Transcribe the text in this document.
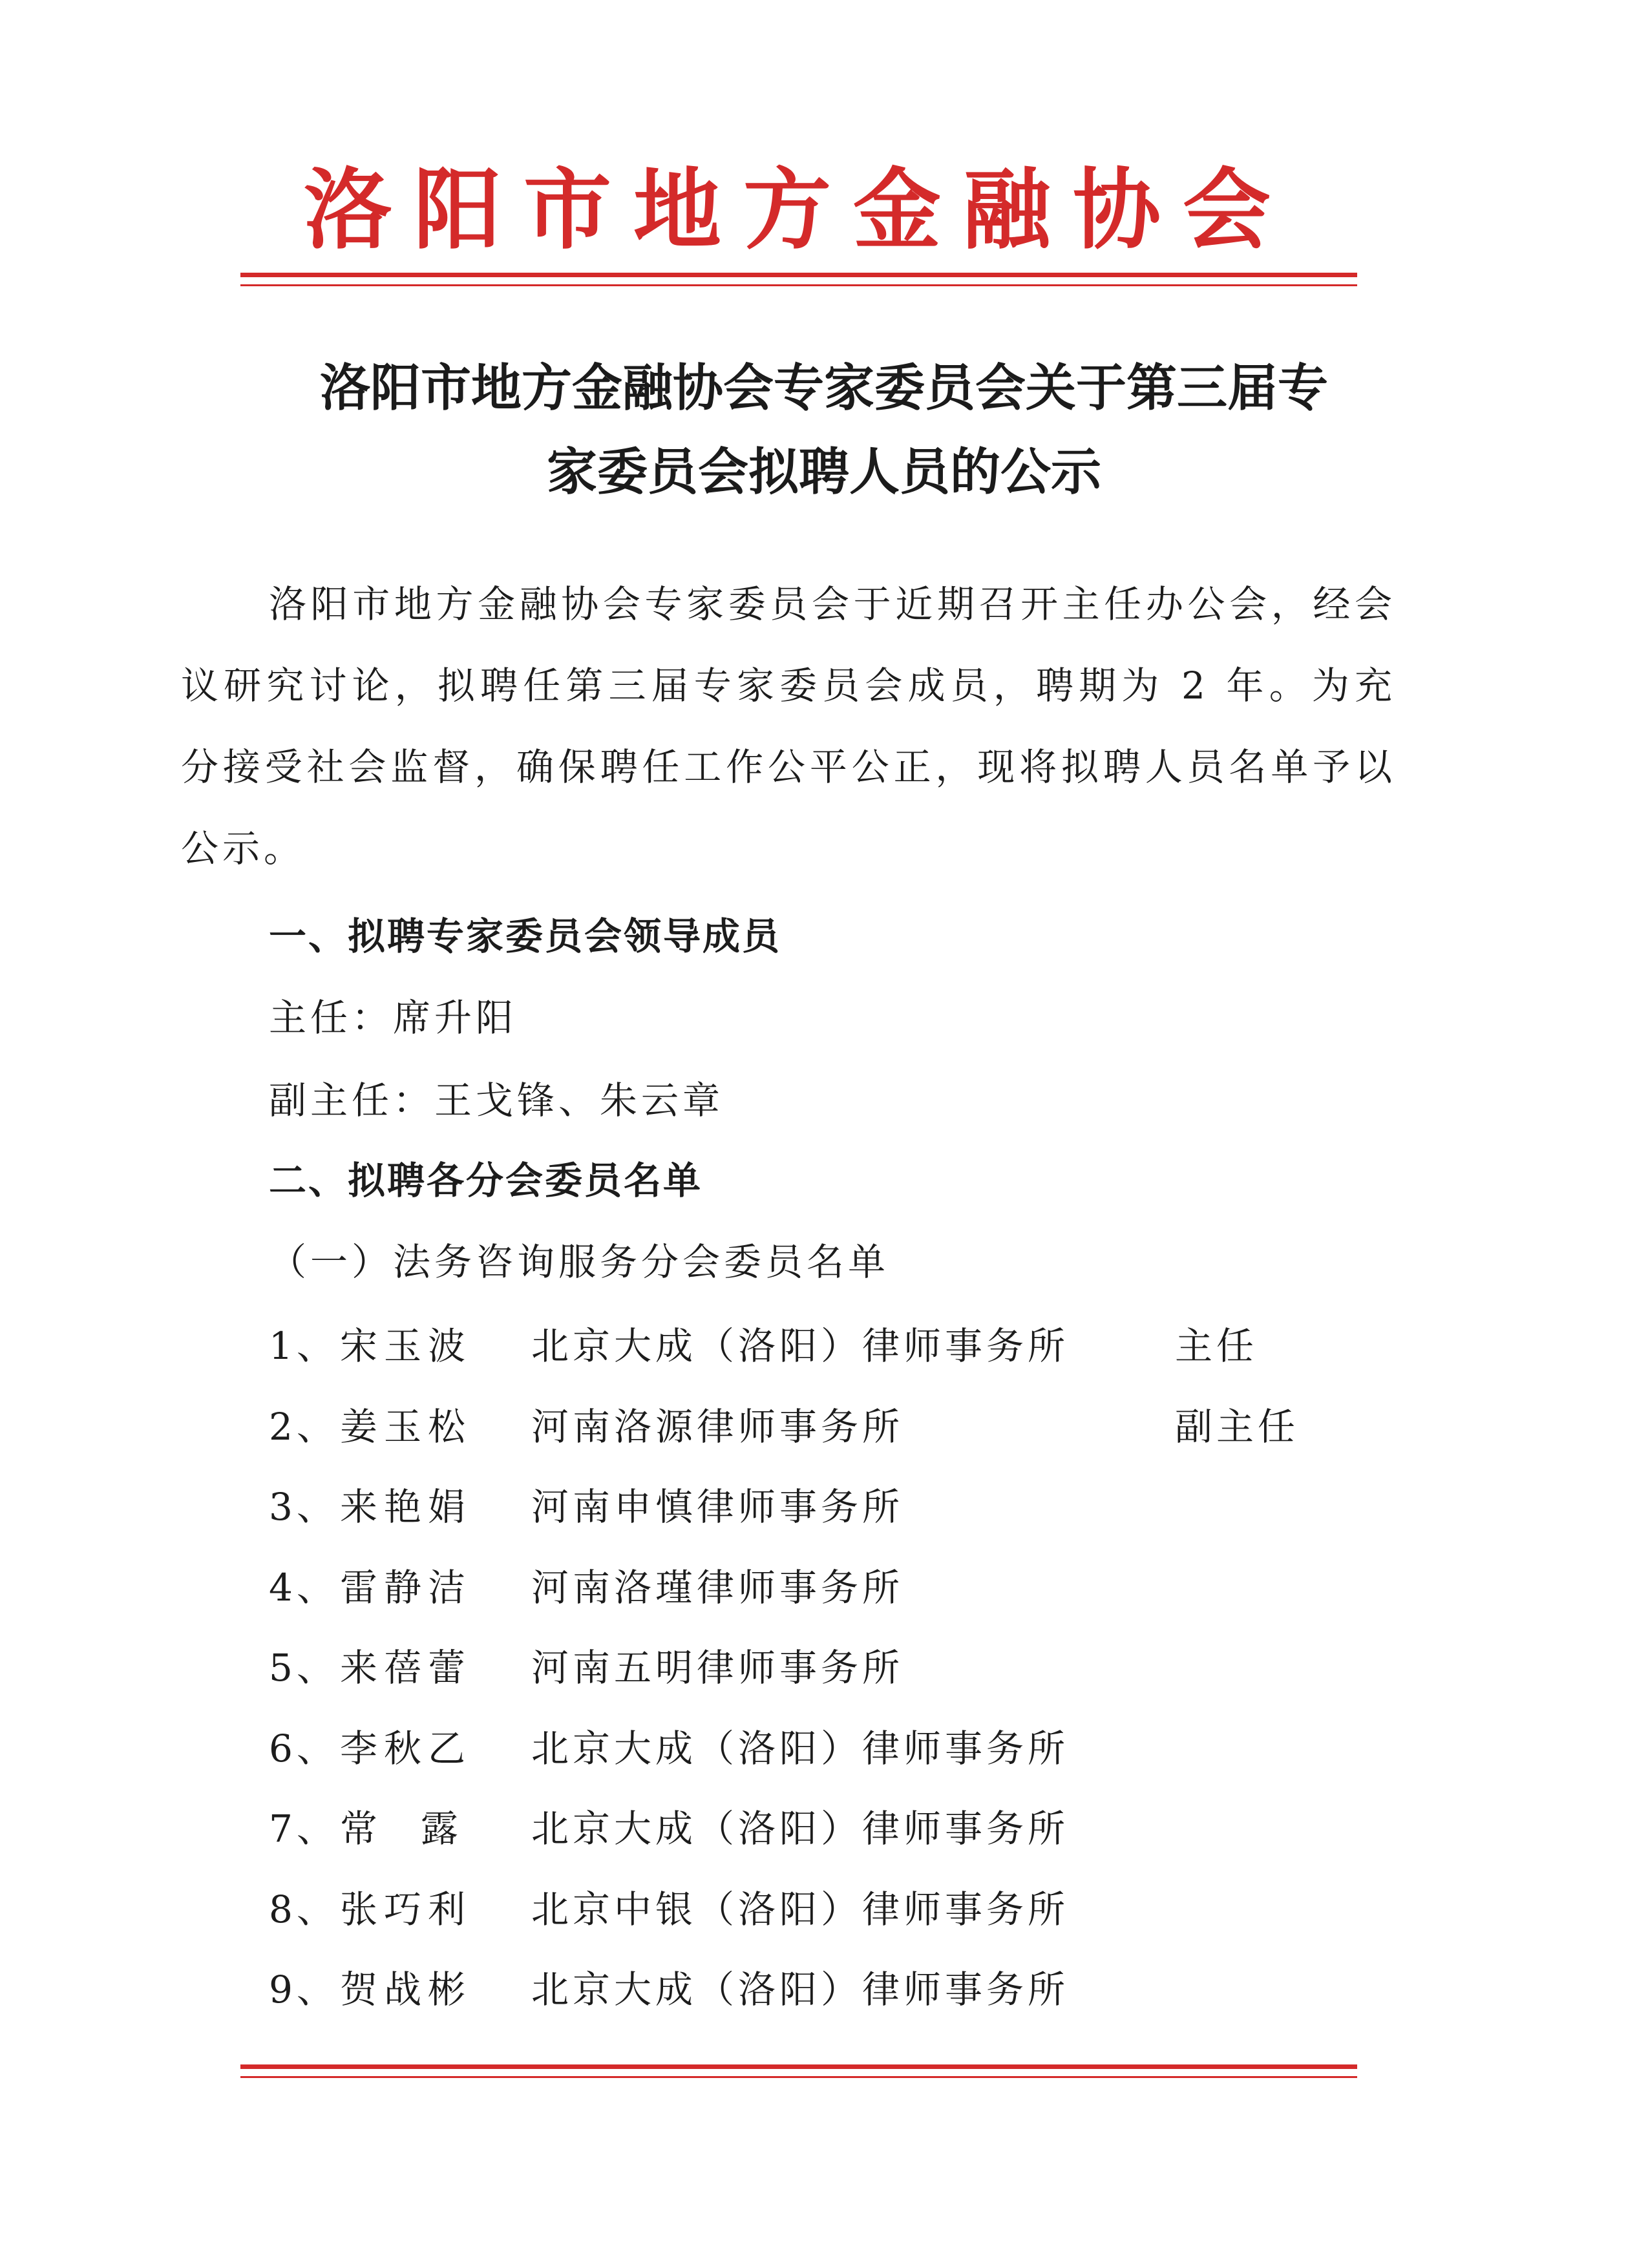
洛阳市地方金融协会
洛阳市地方金融协会专家委员会关于第三届专
家委员会拟聘人员的公示

洛阳市地方金融协会专家委员会于近期召开主任办公会，经会议研究讨论，拟聘任第三届专家委员会成员，聘期为 2 年。为充分接受社会监督，确保聘任工作公平公正，现将拟聘人员名单予以公示。

一、拟聘专家委员会领导成员
主任：席升阳
副主任：王戈锋、朱云章
二、拟聘各分会委员名单
（一）法务咨询服务分会委员名单
1、 宋玉波 北京大成（洛阳）律师事务所	主任
2、 姜玉松 河南洛源律师事务所	副主任
3、 来艳娟 河南申慎律师事务所
4、 雷静洁 河南洛瑾律师事务所
5、 来蓓蕾 河南五明律师事务所
6、 李秋乙 北京大成（洛阳）律师事务所
7、 常  露 北京大成（洛阳）律师事务所
8、 张巧利 北京中银（洛阳）律师事务所
9、 贺战彬 北京大成（洛阳）律师事务所
